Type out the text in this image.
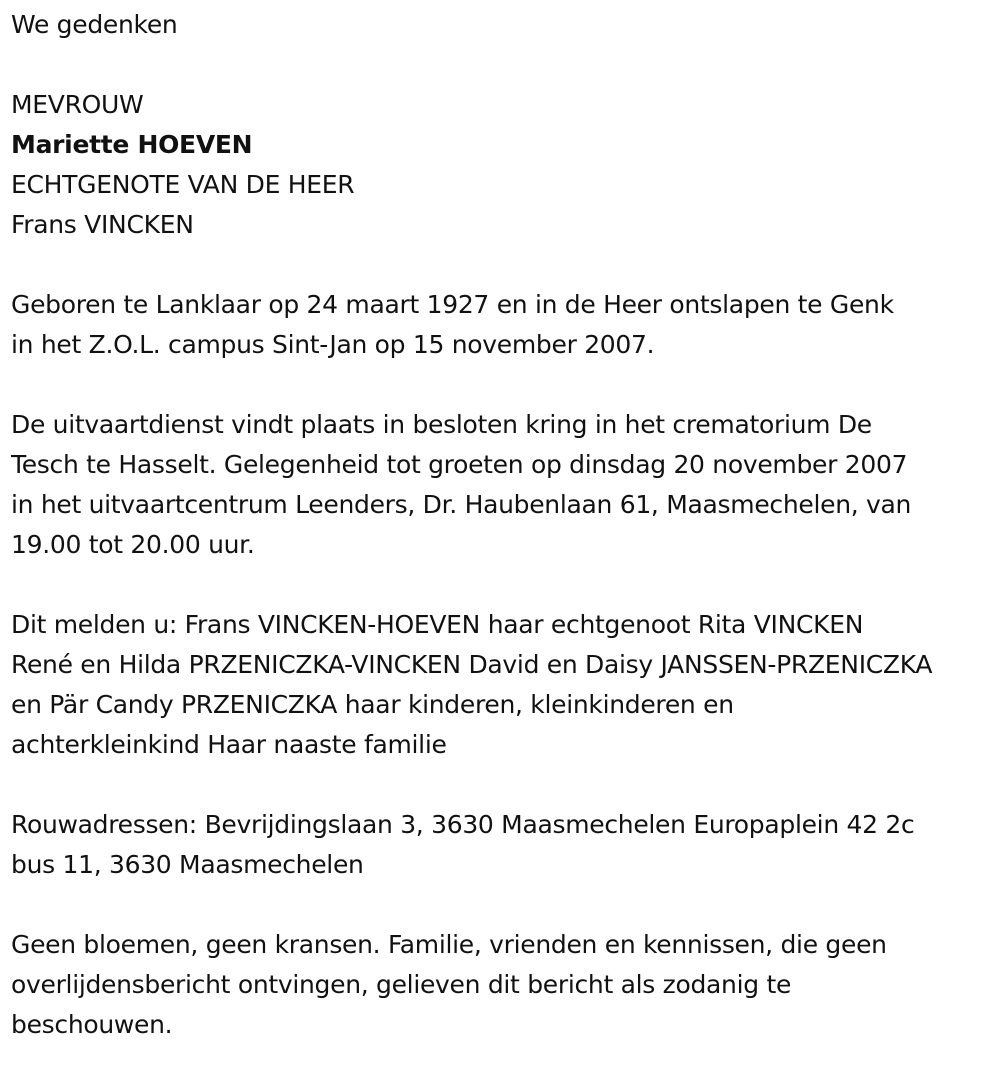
We gedenken
MEVROUW
Mariette HOEVEN
ECHTGENOTE VAN DE HEER
Frans VINCKEN
Geboren te Lanklaar op 24 maart 1927 en in de Heer ontslapen te Genk
in het Z.O.L. campus Sint-Jan op 15 november 2007.
De uitvaartdienst vindt plaats in besloten kring in het crematorium De
Tesch te Hasselt. Gelegenheid tot groeten op dinsdag 20 november 2007
in het uitvaartcentrum Leenders, Dr. Haubenlaan 61, Maasmechelen, van
19.00 tot 20.00 uur.
Dit melden u: Frans VINCKEN-HOEVEN haar echtgenoot Rita VINCKEN
René en Hilda PRZENICZKA-VINCKEN David en Daisy JANSSEN-PRZENICZKA
en Pär Candy PRZENICZKA haar kinderen, kleinkinderen en
achterkleinkind Haar naaste familie
Rouwadressen: Bevrijdingslaan 3, 3630 Maasmechelen Europaplein 42 2c
bus 11, 3630 Maasmechelen
Geen bloemen, geen kransen. Familie, vrienden en kennissen, die geen
overlijdensbericht ontvingen, gelieven dit bericht als zodanig te
beschouwen.
